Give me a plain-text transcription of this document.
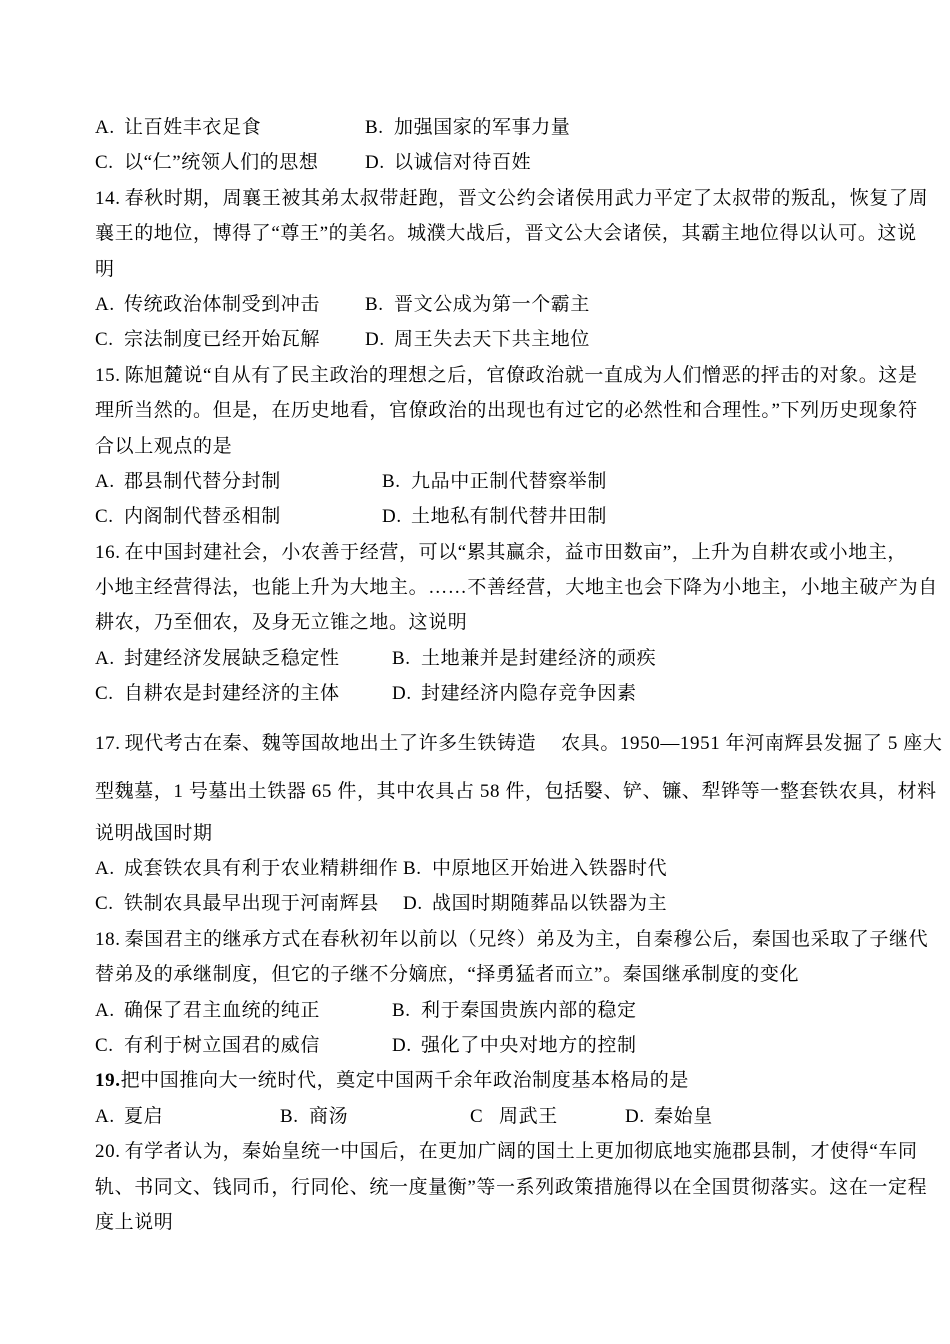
A. 让百姓丰衣足食	B. 加强国家的军事力量
C. 以“仁”统领人们的思想 D. 以诚信对待百姓
14. 春秋时期，周襄王被其弟太叔带赶跑，晋文公约会诸侯用武力平定了太叔带的叛乱，恢复了周
襄王的地位，博得了“尊王”的美名。城濮大战后，晋文公大会诸侯，其霸主地位得以认可。这说
明
A. 传统政治体制受到冲击 B. 晋文公成为第一个霸主
C. 宗法制度已经开始瓦解 D. 周王失去天下共主地位
15. 陈旭麓说“自从有了民主政治的理想之后，官僚政治就一直成为人们憎恶的抨击的对象。这是
理所当然的。但是，在历史地看，官僚政治的出现也有过它的必然性和合理性。”下列历史现象符
合以上观点的是
A. 郡县制代替分封制	B. 九品中正制代替察举制
C. 内阁制代替丞相制	D. 土地私有制代替井田制
16. 在中国封建社会，小农善于经营，可以“累其赢余，益市田数亩”，上升为自耕农或小地主，
小地主经营得法，也能上升为大地主。……不善经营，大地主也会下降为小地主，小地主破产为自
耕农，乃至佃农，及身无立锥之地。这说明
A. 封建经济发展缺乏稳定性	B. 土地兼并是封建经济的顽疾
C. 自耕农是封建经济的主体	D. 封建经济内隐存竞争因素
17. 现代考古在秦、魏等国故地出土了许多生铁铸造　 农具。1950—1951 年河南辉县发掘了 5 座大
型魏墓，1 号墓出土铁器 65 件，其中农具占 58 件，包括嫛、铲、镰、犁铧等一整套铁农具，材料
说明战国时期
A. 成套铁农具有利于农业精耕细作 B. 中原地区开始进入铁器时代
C. 铁制农具最早出现于河南辉县 D. 战国时期随葬品以铁器为主
18. 秦国君主的继承方式在春秋初年以前以（兄终）弟及为主，自秦穆公后，秦国也采取了子继代
替弟及的承继制度，但它的子继不分嫡庶，“择勇猛者而立”。秦国继承制度的变化
A. 确保了君主血统的纯正	B. 利于秦国贵族内部的稳定
C. 有利于树立国君的威信	D. 强化了中央对地方的控制
19.把中国推向大一统时代，奠定中国两千余年政治制度基本格局的是
A. 夏启	B. 商汤	C 周武王	D. 秦始皇
20. 有学者认为，秦始皇统一中国后，在更加广阔的国土上更加彻底地实施郡县制，才使得“车同
轨、书同文、钱同币，行同伦、统一度量衡”等一系列政策措施得以在全国贯彻落实。这在一定程
度上说明
